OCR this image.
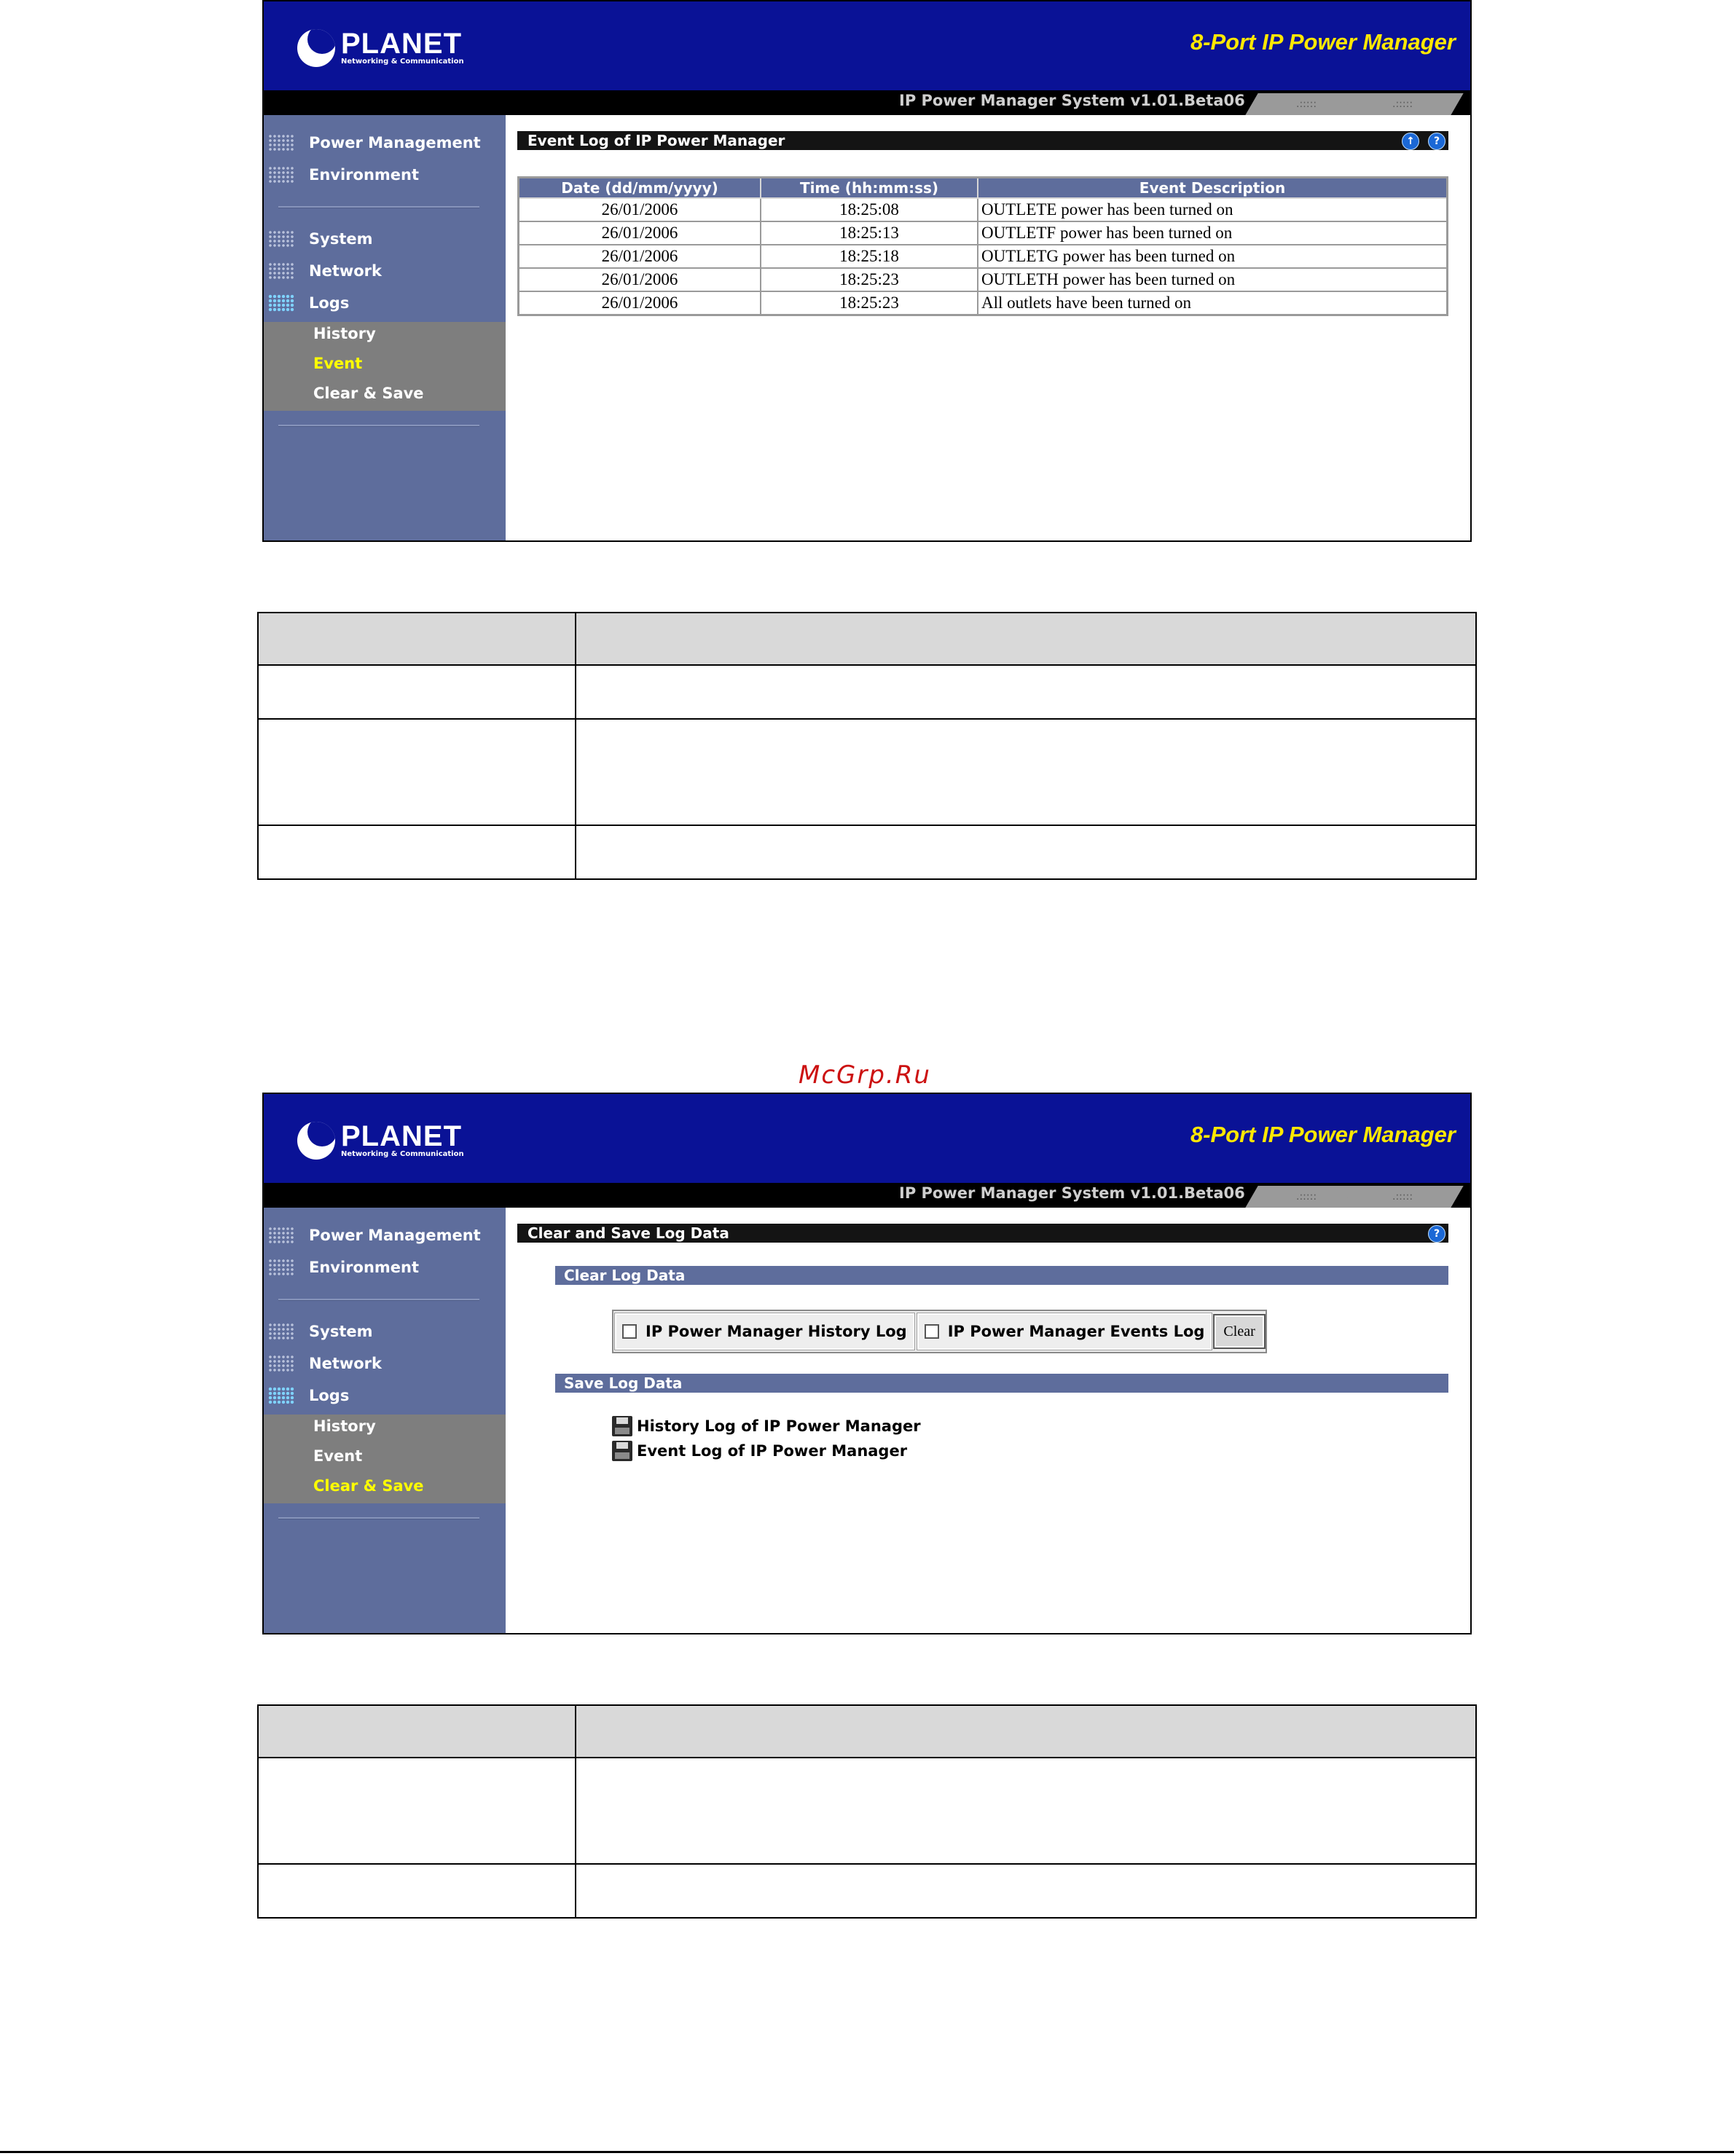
PLANET
Networking & Communication
8-Port IP Power Manager
IP Power Manager System v1.01.Beta06	.:::::	.:::::
Power Management
Environment
System
Network
Logs
History
Event
Clear & Save
Event Log of IP Power Manager	↑	?
Date (dd/mm/yyyy)	Time (hh:mm:ss)	Event Description
26/01/2006	18:25:08	OUTLETE power has been turned on
26/01/2006	18:25:13	OUTLETF power has been turned on
26/01/2006	18:25:18	OUTLETG power has been turned on
26/01/2006	18:25:23	OUTLETH power has been turned on
26/01/2006	18:25:23	All outlets have been turned on

McGrp.Ru
PLANET
Networking & Communication
8-Port IP Power Manager
IP Power Manager System v1.01.Beta06	.:::::	.:::::
Power Management
Environment
System
Network
Logs
History
Event
Clear & Save
Clear and Save Log Data	?
Clear Log Data
IP Power Manager History Log	IP Power Manager Events Log	Clear
Save Log Data
History Log of IP Power Manager
Event Log of IP Power Manager
